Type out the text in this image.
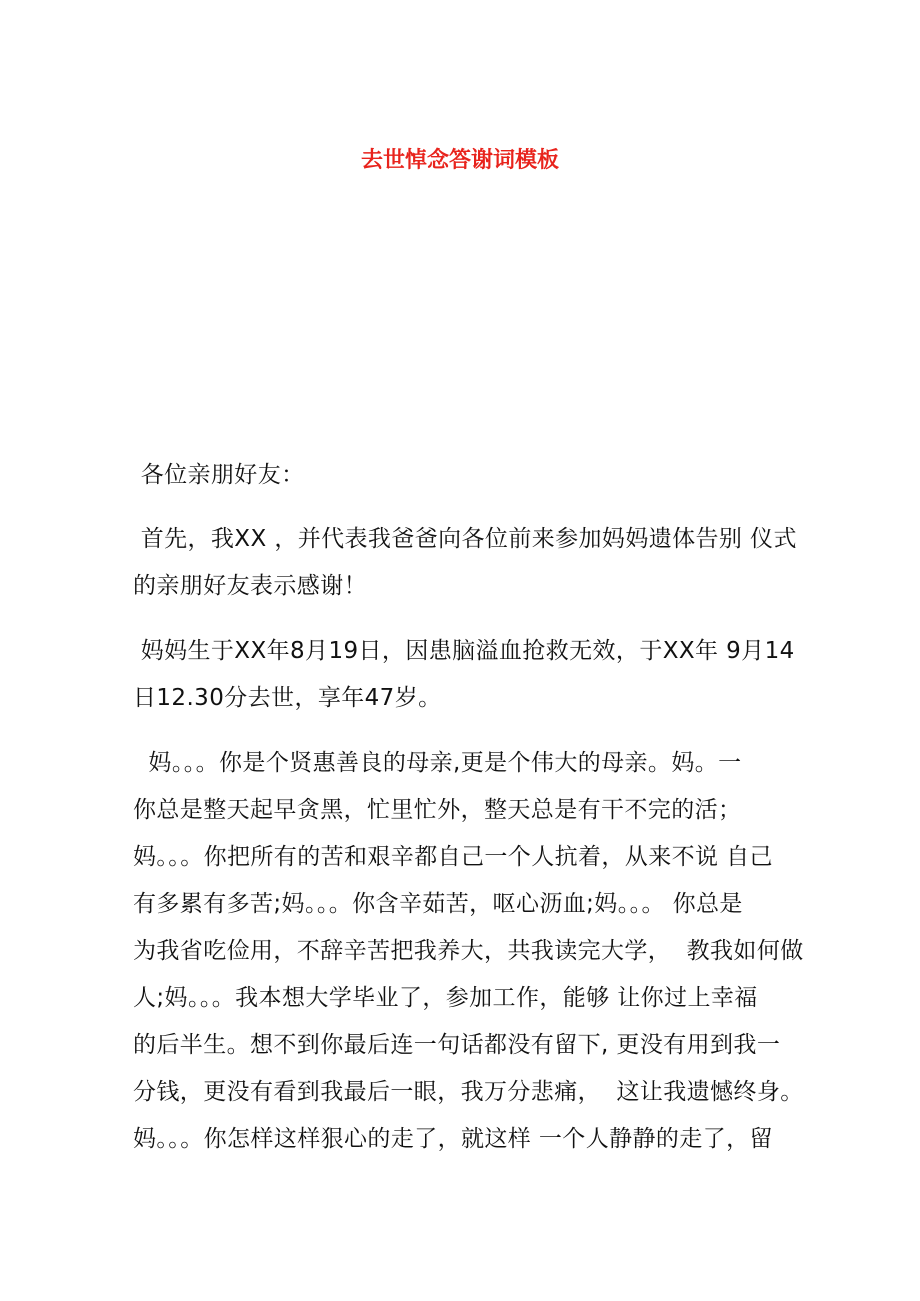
去世悼念答谢词模板
各位亲朋好友：
首先，我XX ，并代表我爸爸向各位前来参加妈妈遗体告别 仪式
的亲朋好友表示感谢！
妈妈生于XX年8月19日，因患脑溢血抢救无效，于XX年 9月14
日12.30分去世，享年47岁。
妈。。。你是个贤惠善良的母亲,更是个伟大的母亲。妈。一
你总是整天起早贪黑，忙里忙外，整天总是有干不完的活；
妈。。。你把所有的苦和艰辛都自己一个人抗着，从来不说 自己
有多累有多苦;妈。。。你含辛茹苦，呕心沥血;妈。。。 你总是
为我省吃俭用，不辞辛苦把我养大，共我读完大学，  教我如何做
人;妈。。。我本想大学毕业了，参加工作，能够 让你过上幸福
的后半生。想不到你最后连一句话都没有留下, 更没有用到我一
分钱，更没有看到我最后一眼，我万分悲痛，  这让我遗憾终身。
妈。。。你怎样这样狠心的走了，就这样 一个人静静的走了，留
